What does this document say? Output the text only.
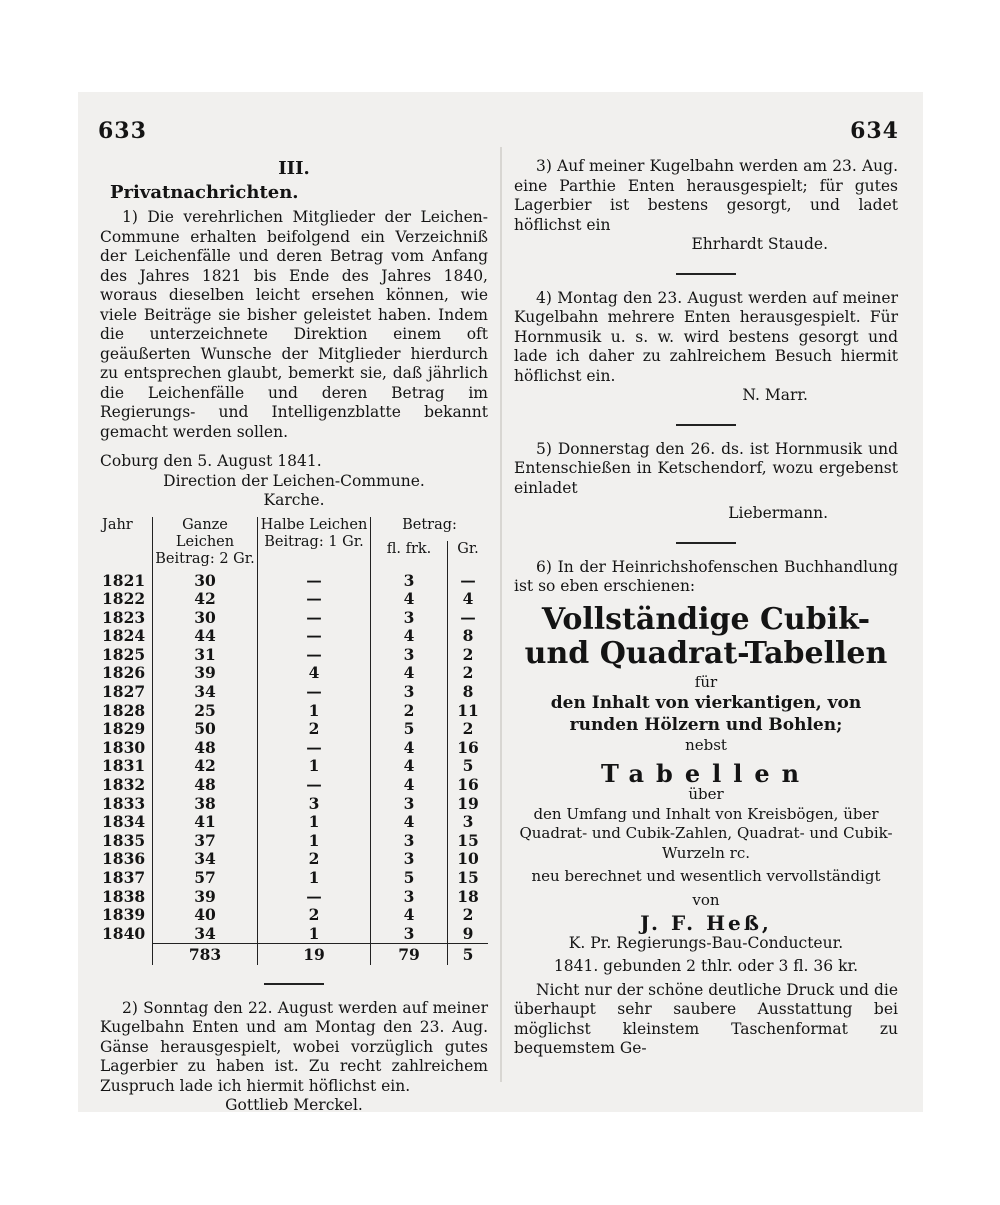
633	634
III.
Privatnachrichten.

1) Die verehrlichen Mitglieder der Leichen-Commune erhalten beifolgend ein Verzeichniß der Leichenfälle und deren Betrag vom Anfang des Jahres 1821 bis Ende des Jahres 1840, woraus dieselben leicht ersehen können, wie viele Beiträge sie bisher geleistet haben. Indem die unterzeichnete Direktion einem oft geäußerten Wunsche der Mitglieder hierdurch zu entsprechen glaubt, bemerkt sie, daß jährlich die Leichenfälle und deren Betrag im Regierungs- und Intelligenzblatte bekannt gemacht werden sollen.

Coburg den 5. August 1841.

Direction der Leichen-Commune.

Karche.

Jahr	Ganze Leichen Beitrag: 2 Gr.	Halbe Leichen Beitrag: 1 Gr.	Betrag:	
			fl. frk.	Gr.
1821	30	—	3	—
1822	42	—	4	4
1823	30	—	3	—
1824	44	—	4	8
1825	31	—	3	2
1826	39	4	4	2
1827	34	—	3	8
1828	25	1	2	11
1829	50	2	5	2
1830	48	—	4	16
1831	42	1	4	5
1832	48	—	4	16
1833	38	3	3	19
1834	41	1	4	3
1835	37	1	3	15
1836	34	2	3	10
1837	57	1	5	15
1838	39	—	3	18
1839	40	2	4	2
1840	34	1	3	9
	783	19	79	5

2) Sonntag den 22. August werden auf meiner Kugelbahn Enten und am Montag den 23. Aug. Gänse herausgespielt, wobei vorzüglich gutes Lagerbier zu haben ist. Zu recht zahlreichem Zuspruch lade ich hiermit höflichst ein.

Gottlieb Merckel.

3) Auf meiner Kugelbahn werden am 23. Aug. eine Parthie Enten herausgespielt; für gutes Lagerbier ist bestens gesorgt, und ladet höflichst ein

Ehrhardt Staude.

4) Montag den 23. August werden auf meiner Kugelbahn mehrere Enten herausgespielt. Für Hornmusik u. s. w. wird bestens gesorgt und lade ich daher zu zahlreichem Besuch hiermit höflichst ein.

N. Marr.

5) Donnerstag den 26. ds. ist Hornmusik und Entenschießen in Ketschendorf, wozu ergebenst einladet

Liebermann.

6) In der Heinrichshofenschen Buchhandlung ist so eben erschienen:

Vollständige Cubik- und Quadrat-Tabellen

für

den Inhalt von vierkantigen, von runden Hölzern und Bohlen;

nebst

Tabellen

über

den Umfang und Inhalt von Kreisbögen, über Quadrat- und Cubik-Zahlen, Quadrat- und Cubik-Wurzeln rc.

neu berechnet und wesentlich vervollständigt

von

J. F. Heß,

K. Pr. Regierungs-Bau-Conducteur.

1841. gebunden 2 thlr. oder 3 fl. 36 kr.

Nicht nur der schöne deutliche Druck und die überhaupt sehr saubere Ausstattung bei möglichst kleinstem Taschenformat zu bequemstem Ge-
